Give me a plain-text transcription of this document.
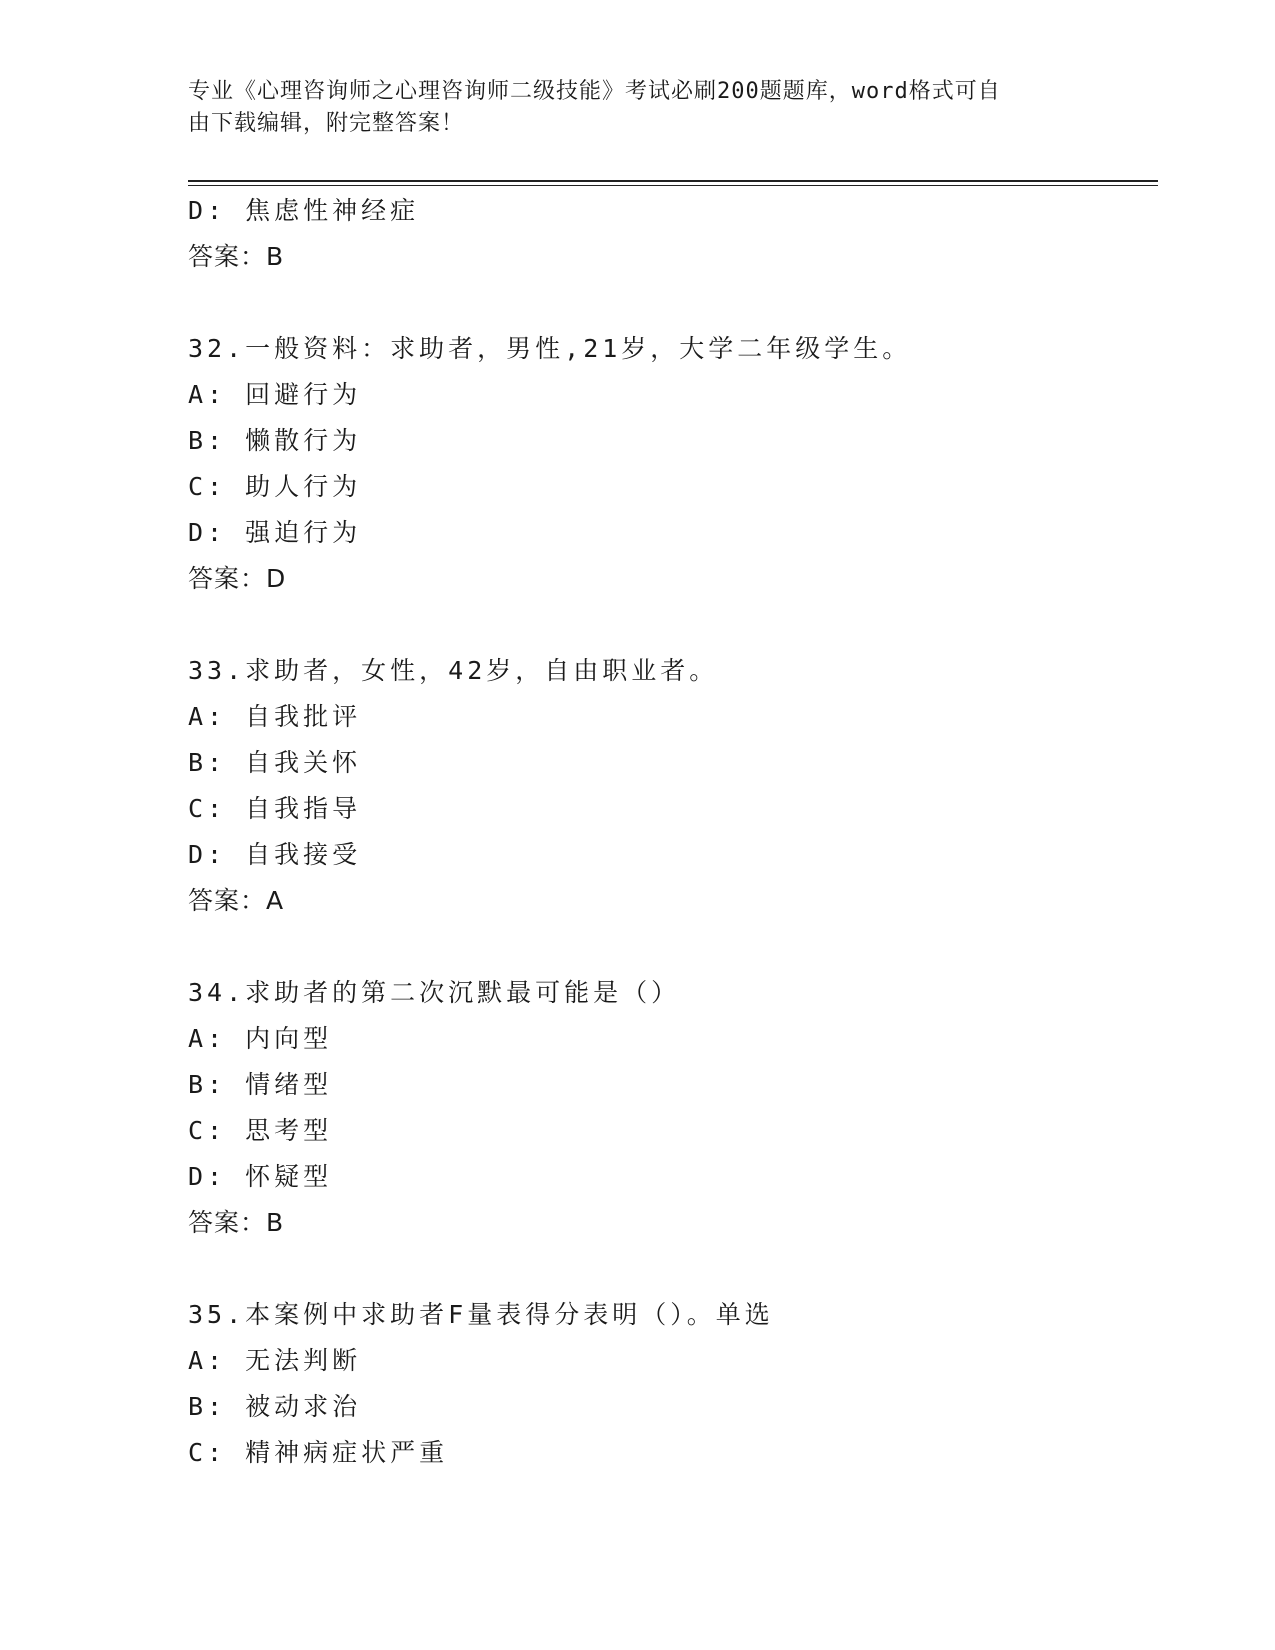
专业《心理咨询师之心理咨询师二级技能》考试必刷200题题库，word格式可自
由下载编辑，附完整答案！
D: 焦虑性神经症
答案：B
32.一般资料：求助者，男性,21岁，大学二年级学生。
A: 回避行为
B: 懒散行为
C: 助人行为
D: 强迫行为
答案：D
33.求助者，女性，42岁，自由职业者。
A: 自我批评
B: 自我关怀
C: 自我指导
D: 自我接受
答案：A
34.求助者的第二次沉默最可能是（）
A: 内向型
B: 情绪型
C: 思考型
D: 怀疑型
答案：B
35.本案例中求助者F量表得分表明（）。单选
A: 无法判断
B: 被动求治
C: 精神病症状严重
